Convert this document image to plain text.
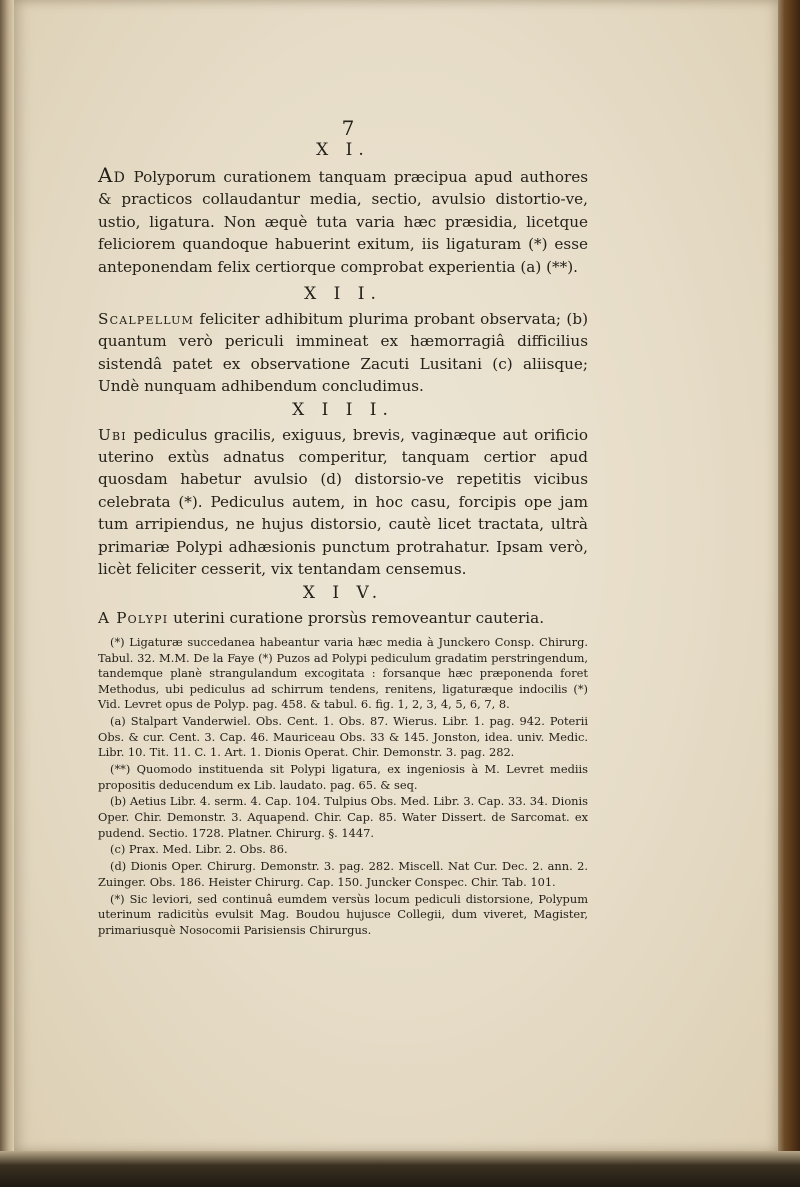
7
X I.

Ad Polyporum curationem tanquam præcipua apud authores & practicos collaudantur media, sectio, avulsio distortio-ve, ustio, ligatura. Non æquè tuta varia hæc præsidia, licetque feliciorem quandoque habuerint exitum, iis ligaturam (*) esse anteponendam felix certiorque comprobat experientia (a) (**).

X I I.

Scalpellum feliciter adhibitum plurima probant observata; (b) quantum verò periculi immineat ex hæmorragiâ difficilius sistendâ patet ex observatione Zacuti Lusitani (c) aliisque; Undè nunquam adhibendum concludimus.

X I I I.

Ubi pediculus gracilis, exiguus, brevis, vaginæque aut orificio uterino extùs adnatus comperitur, tanquam certior apud quosdam habetur avulsio (d) distorsio-ve repetitis vicibus celebrata (*). Pediculus autem, in hoc casu, forcipis ope jam tum arripiendus, ne hujus distorsio, cautè licet tractata, ultrà primariæ Polypi adhæsionis punctum protrahatur. Ipsam verò, licèt feliciter cesserit, vix tentandam censemus.

X I V.

A Polypi uterini curatione prorsùs removeantur cauteria.

(*) Ligaturæ succedanea habeantur varia hæc media à Junckero Consp. Chirurg. Tabul. 32. M.M. De la Faye (*) Puzos ad Polypi pediculum gradatim perstringendum, tandemque planè strangulandum excogitata : forsanque hæc præponenda foret Methodus, ubi pediculus ad schirrum tendens, renitens, ligaturæque indocilis (*) Vid. Levret opus de Polyp. pag. 458. & tabul. 6. fig. 1, 2, 3, 4, 5, 6, 7, 8.

(a) Stalpart Vanderwiel. Obs. Cent. 1. Obs. 87. Wierus. Libr. 1. pag. 942. Poterii Obs. & cur. Cent. 3. Cap. 46. Mauriceau Obs. 33 & 145. Jonston, idea. univ. Medic. Libr. 10. Tit. 11. C. 1. Art. 1. Dionis Operat. Chir. Demonstr. 3. pag. 282.

(**) Quomodo instituenda sit Polypi ligatura, ex ingeniosis à M. Levret mediis propositis deducendum ex Lib. laudato. pag. 65. & seq.

(b) Aetius Libr. 4. serm. 4. Cap. 104. Tulpius Obs. Med. Libr. 3. Cap. 33. 34. Dionis Oper. Chir. Demonstr. 3. Aquapend. Chir. Cap. 85. Water Dissert. de Sarcomat. ex pudend. Sectio. 1728. Platner. Chirurg. §. 1447.

(c) Prax. Med. Libr. 2. Obs. 86.

(d) Dionis Oper. Chirurg. Demonstr. 3. pag. 282. Miscell. Nat Cur. Dec. 2. ann. 2. Zuinger. Obs. 186. Heister Chirurg. Cap. 150. Juncker Conspec. Chir. Tab. 101.

(*) Sic leviori, sed continuâ eumdem versùs locum pediculi distorsione, Polypum uterinum radicitùs evulsit Mag. Boudou hujusce Collegii, dum viveret, Magister, primariusquè Nosocomii Parisiensis Chirurgus.
